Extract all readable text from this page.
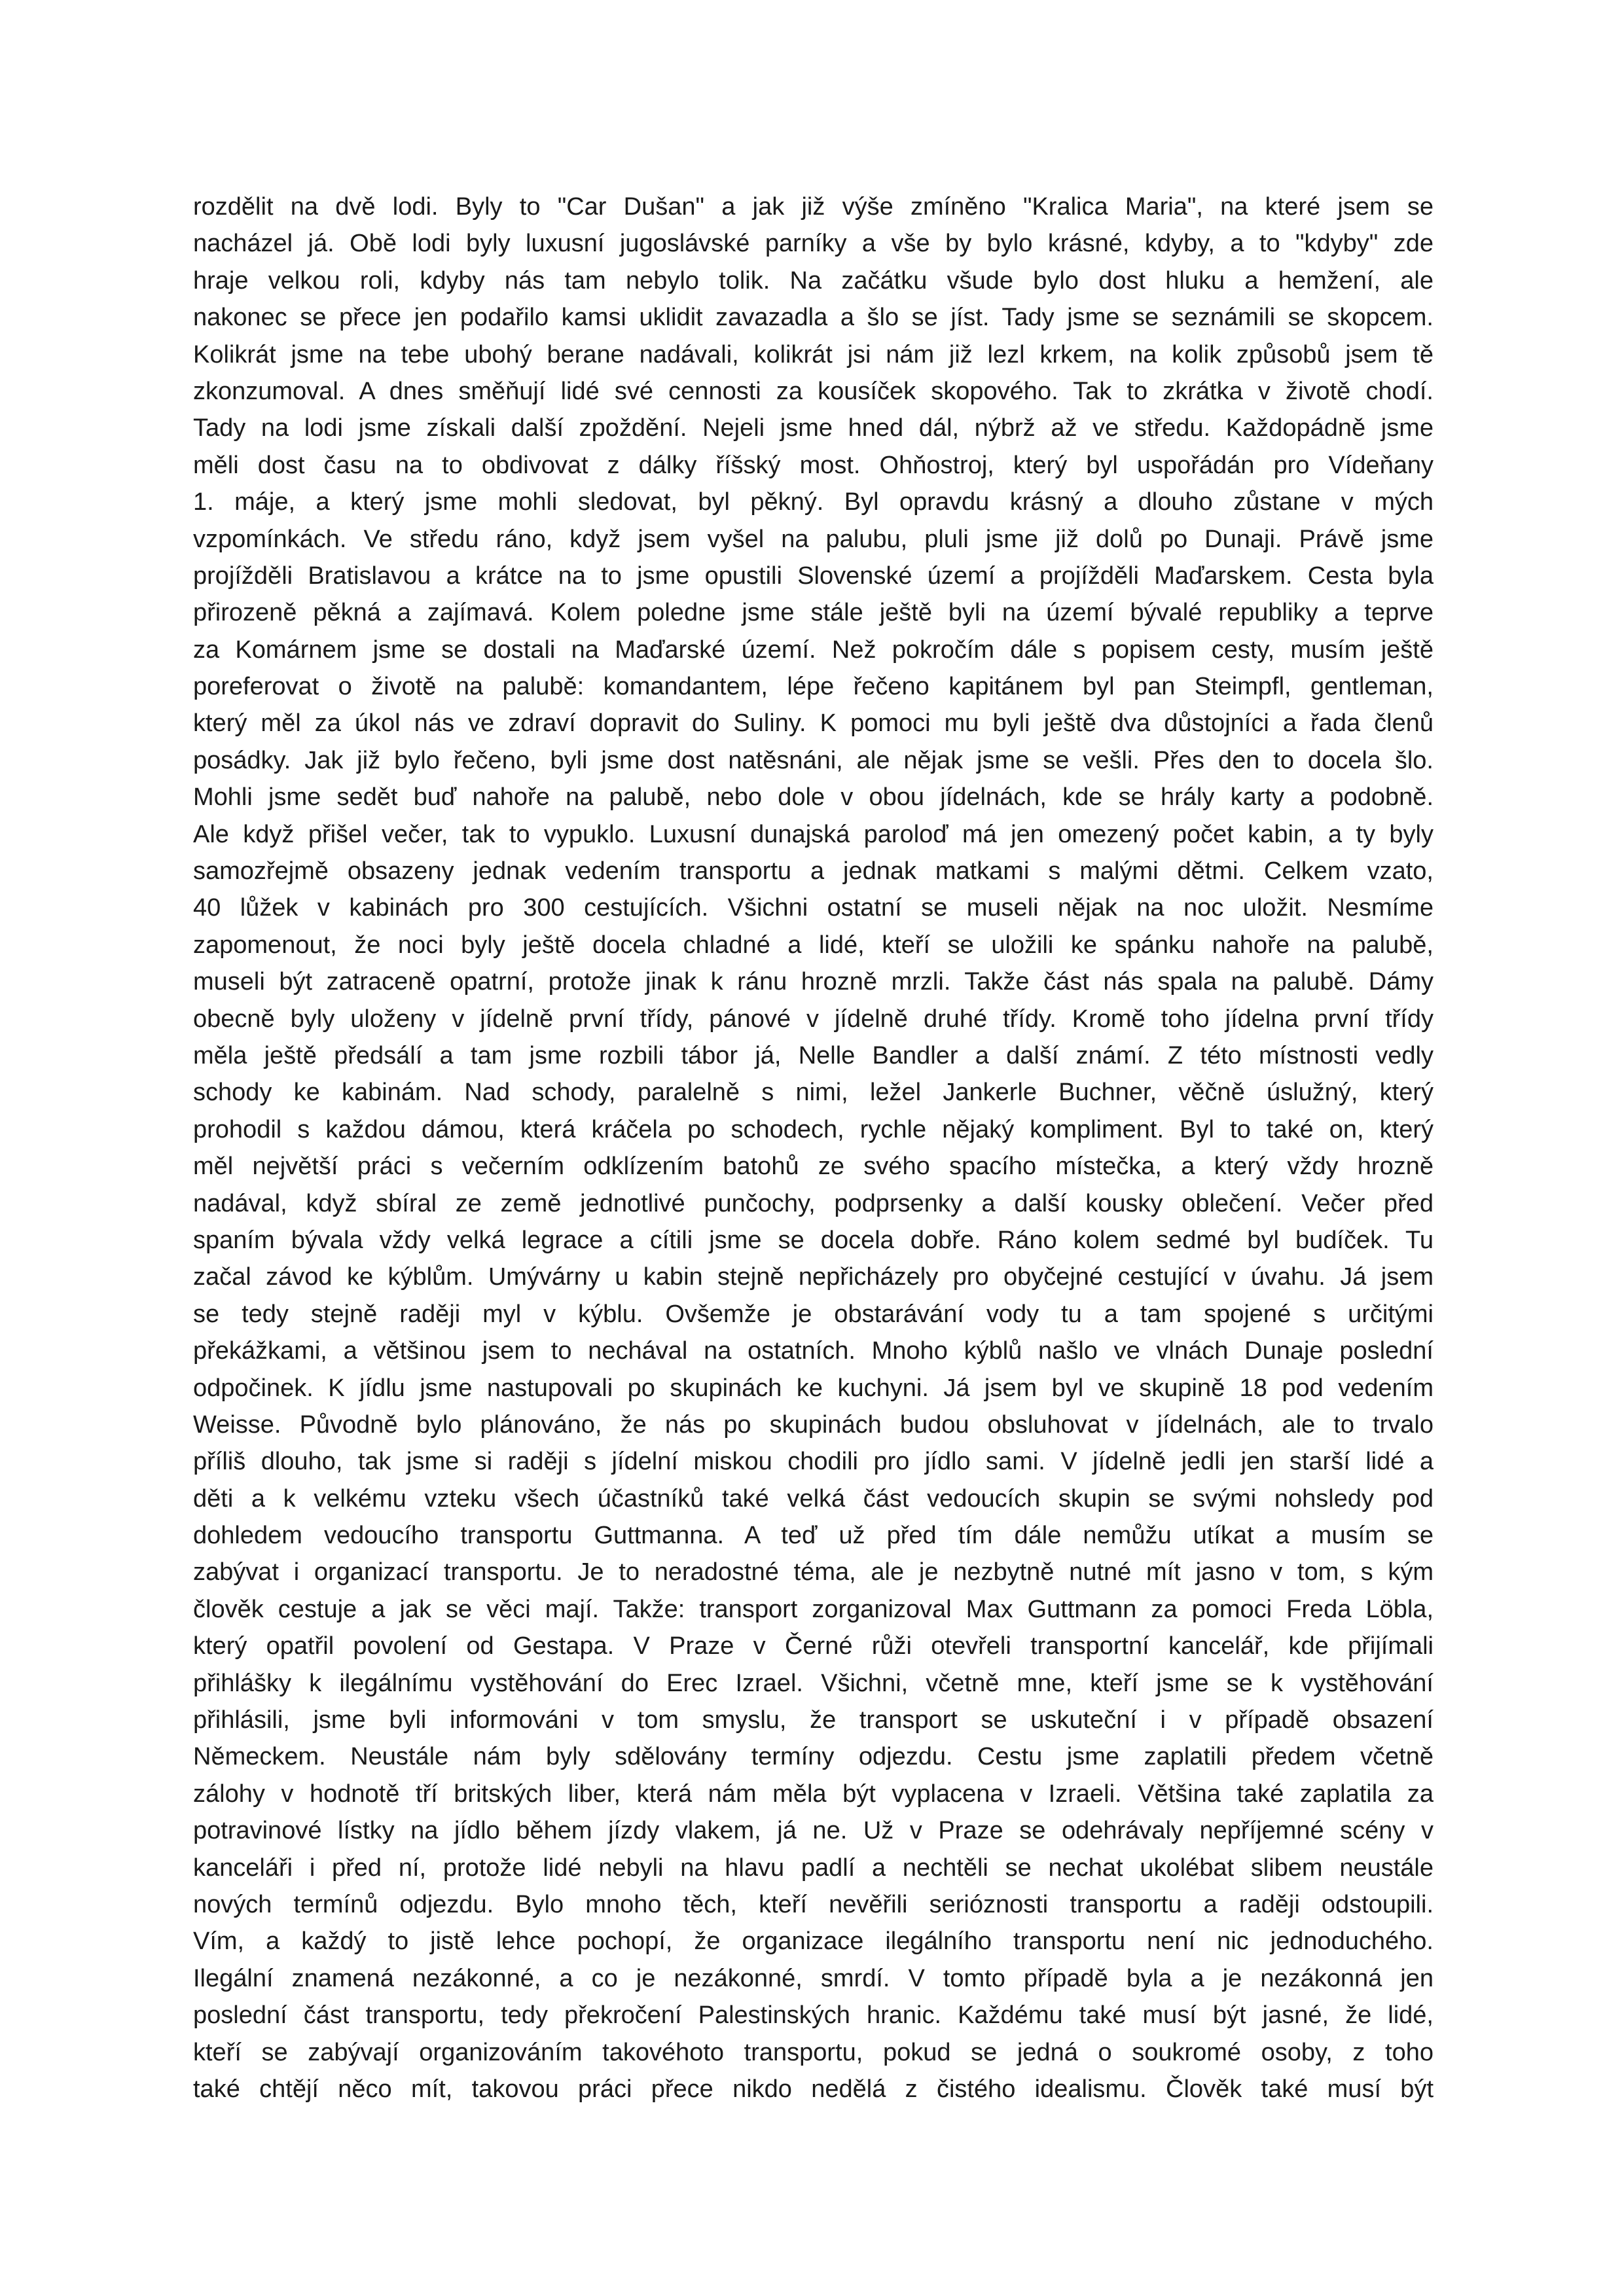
rozdělit na dvě lodi. Byly to "Car Dušan" a jak již výše zmíněno "Kralica Maria", na které jsem se
nacházel já. Obě lodi byly luxusní jugoslávské parníky a vše by bylo krásné, kdyby, a to "kdyby" zde
hraje velkou roli, kdyby nás tam nebylo tolik. Na začátku všude bylo dost hluku a hemžení, ale
nakonec se přece jen podařilo kamsi uklidit zavazadla a šlo se jíst. Tady jsme se seznámili se skopcem.
Kolikrát jsme na tebe ubohý berane nadávali, kolikrát jsi nám již lezl krkem, na kolik způsobů jsem tě
zkonzumoval. A dnes směňují lidé své cennosti za kousíček skopového. Tak to zkrátka v životě chodí.
Tady na lodi jsme získali další zpoždění. Nejeli jsme hned dál, nýbrž až ve středu. Každopádně jsme
měli dost času na to obdivovat z dálky říšský most. Ohňostroj, který byl uspořádán pro Vídeňany
1. máje, a který jsme mohli sledovat, byl pěkný. Byl opravdu krásný a dlouho zůstane v mých
vzpomínkách. Ve středu ráno, když jsem vyšel na palubu, pluli jsme již dolů po Dunaji. Právě jsme
projížděli Bratislavou a krátce na to jsme opustili Slovenské území a projížděli Maďarskem. Cesta byla
přirozeně pěkná a zajímavá. Kolem poledne jsme stále ještě byli na území bývalé republiky a teprve
za Komárnem jsme se dostali na Maďarské území. Než pokročím dále s popisem cesty, musím ještě
poreferovat o životě na palubě: komandantem, lépe řečeno kapitánem byl pan Steimpfl, gentleman,
který měl za úkol nás ve zdraví dopravit do Suliny. K pomoci mu byli ještě dva důstojníci a řada členů
posádky. Jak již bylo řečeno, byli jsme dost natěsnáni, ale nějak jsme se vešli. Přes den to docela šlo.
Mohli jsme sedět buď nahoře na palubě, nebo dole v obou jídelnách, kde se hrály karty a podobně.
Ale když přišel večer, tak to vypuklo. Luxusní dunajská paroloď má jen omezený počet kabin, a ty byly
samozřejmě obsazeny jednak vedením transportu a jednak matkami s malými dětmi. Celkem vzato,
40 lůžek v kabinách pro 300 cestujících. Všichni ostatní se museli nějak na noc uložit. Nesmíme
zapomenout, že noci byly ještě docela chladné a lidé, kteří se uložili ke spánku nahoře na palubě,
museli být zatraceně opatrní, protože jinak k ránu hrozně mrzli. Takže část nás spala na palubě. Dámy
obecně byly uloženy v jídelně první třídy, pánové v jídelně druhé třídy. Kromě toho jídelna první třídy
měla ještě předsálí a tam jsme rozbili tábor já, Nelle Bandler a další známí. Z této místnosti vedly
schody ke kabinám. Nad schody, paralelně s nimi, ležel Jankerle Buchner, věčně úslužný, který
prohodil s každou dámou, která kráčela po schodech, rychle nějaký kompliment. Byl to také on, který
měl největší práci s večerním odklízením batohů ze svého spacího místečka, a který vždy hrozně
nadával, když sbíral ze země jednotlivé punčochy, podprsenky a další kousky oblečení. Večer před
spaním bývala vždy velká legrace a cítili jsme se docela dobře. Ráno kolem sedmé byl budíček. Tu
začal závod ke kýblům. Umývárny u kabin stejně nepřicházely pro obyčejné cestující v úvahu. Já jsem
se tedy stejně raději myl v kýblu. Ovšemže je obstarávání vody tu a tam spojené s určitými
překážkami, a většinou jsem to nechával na ostatních. Mnoho kýblů našlo ve vlnách Dunaje poslední
odpočinek. K jídlu jsme nastupovali po skupinách ke kuchyni. Já jsem byl ve skupině 18 pod vedením
Weisse. Původně bylo plánováno, že nás po skupinách budou obsluhovat v jídelnách, ale to trvalo
příliš dlouho, tak jsme si raději s jídelní miskou chodili pro jídlo sami. V jídelně jedli jen starší lidé a
děti a k velkému vzteku všech účastníků také velká část vedoucích skupin se svými nohsledy pod
dohledem vedoucího transportu Guttmanna. A teď už před tím dále nemůžu utíkat a musím se
zabývat i organizací transportu. Je to neradostné téma, ale je nezbytně nutné mít jasno v tom, s kým
člověk cestuje a jak se věci mají. Takže: transport zorganizoval Max Guttmann za pomoci Freda Löbla,
který opatřil povolení od Gestapa. V Praze v Černé růži otevřeli transportní kancelář, kde přijímali
přihlášky k ilegálnímu vystěhování do Erec Izrael. Všichni, včetně mne, kteří jsme se k vystěhování
přihlásili, jsme byli informováni v tom smyslu, že transport se uskuteční i v případě obsazení
Německem. Neustále nám byly sdělovány termíny odjezdu. Cestu jsme zaplatili předem včetně
zálohy v hodnotě tří britských liber, která nám měla být vyplacena v Izraeli. Většina také zaplatila za
potravinové lístky na jídlo během jízdy vlakem, já ne. Už v Praze se odehrávaly nepříjemné scény v
kanceláři i před ní, protože lidé nebyli na hlavu padlí a nechtěli se nechat ukolébat slibem neustále
nových termínů odjezdu. Bylo mnoho těch, kteří nevěřili serióznosti transportu a raději odstoupili.
Vím, a každý to jistě lehce pochopí, že organizace ilegálního transportu není nic jednoduchého.
Ilegální znamená nezákonné, a co je nezákonné, smrdí. V tomto případě byla a je nezákonná jen
poslední část transportu, tedy překročení Palestinských hranic. Každému také musí být jasné, že lidé,
kteří se zabývají organizováním takovéhoto transportu, pokud se jedná o soukromé osoby, z toho
také chtějí něco mít, takovou práci přece nikdo nedělá z čistého idealismu. Člověk také musí být
